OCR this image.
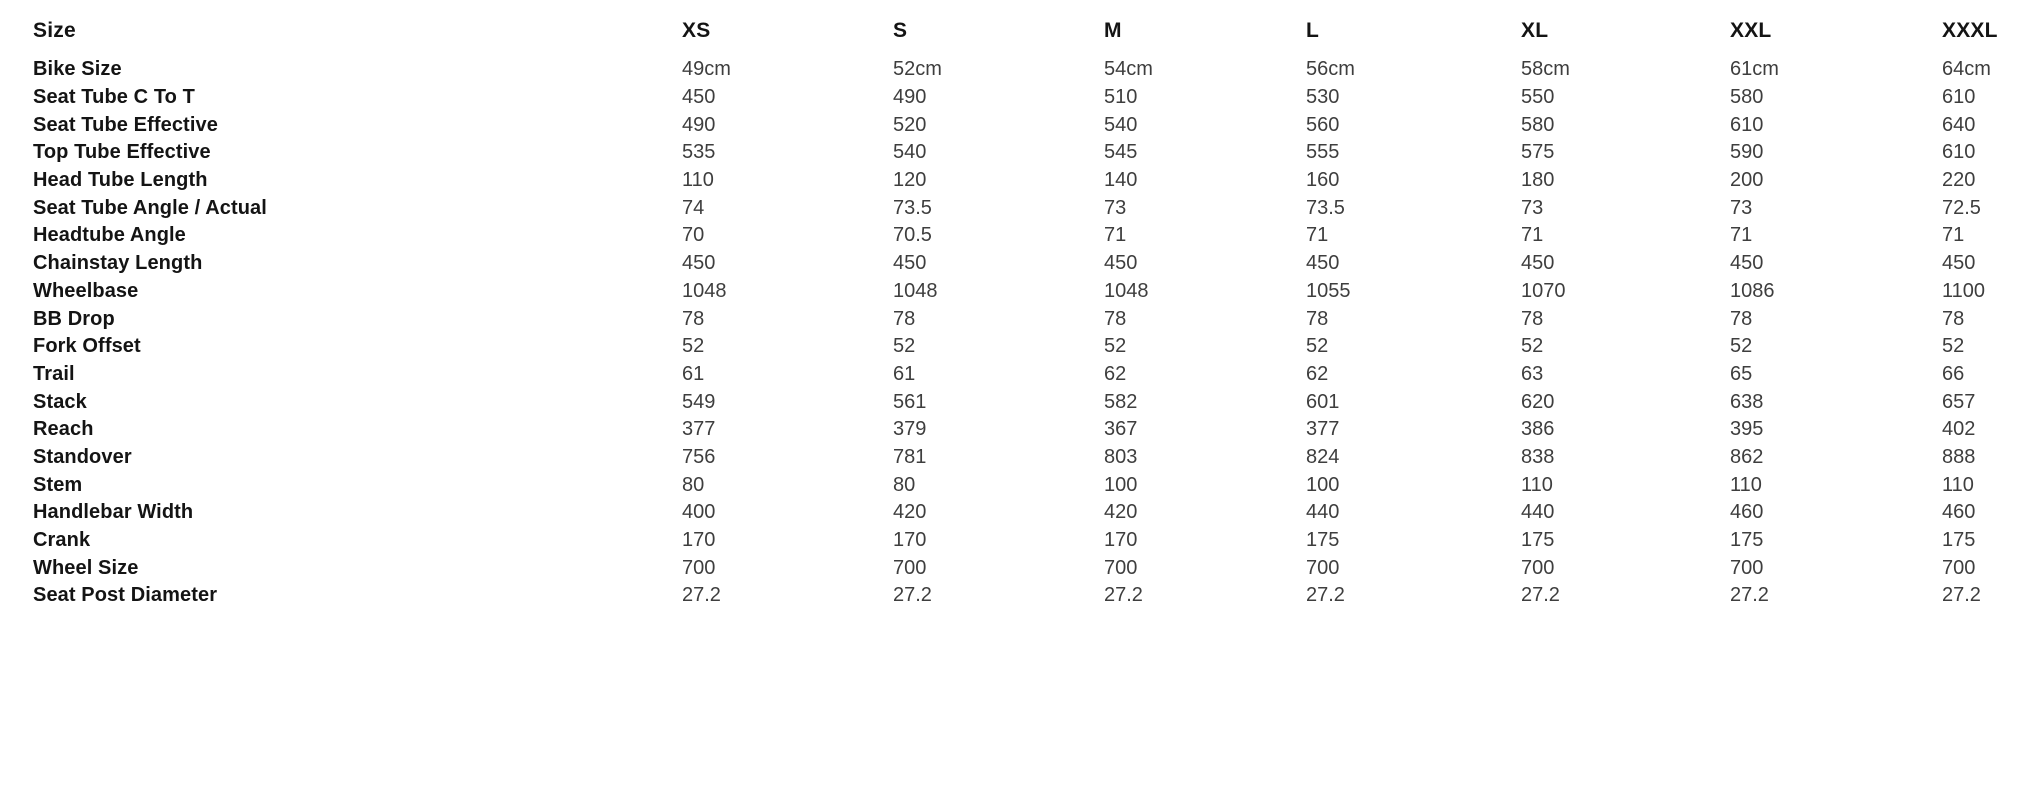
Size	XS	S	M	L	XL	XXL	XXXL
Bike Size	49cm	52cm	54cm	56cm	58cm	61cm	64cm
Seat Tube C To T	450	490	510	530	550	580	610
Seat Tube Effective	490	520	540	560	580	610	640
Top Tube Effective	535	540	545	555	575	590	610
Head Tube Length	110	120	140	160	180	200	220
Seat Tube Angle / Actual	74	73.5	73	73.5	73	73	72.5
Headtube Angle	70	70.5	71	71	71	71	71
Chainstay Length	450	450	450	450	450	450	450
Wheelbase	1048	1048	1048	1055	1070	1086	1100
BB Drop	78	78	78	78	78	78	78
Fork Offset	52	52	52	52	52	52	52
Trail	61	61	62	62	63	65	66
Stack	549	561	582	601	620	638	657
Reach	377	379	367	377	386	395	402
Standover	756	781	803	824	838	862	888
Stem	80	80	100	100	110	110	110
Handlebar Width	400	420	420	440	440	460	460
Crank	170	170	170	175	175	175	175
Wheel Size	700	700	700	700	700	700	700
Seat Post Diameter	27.2	27.2	27.2	27.2	27.2	27.2	27.2
